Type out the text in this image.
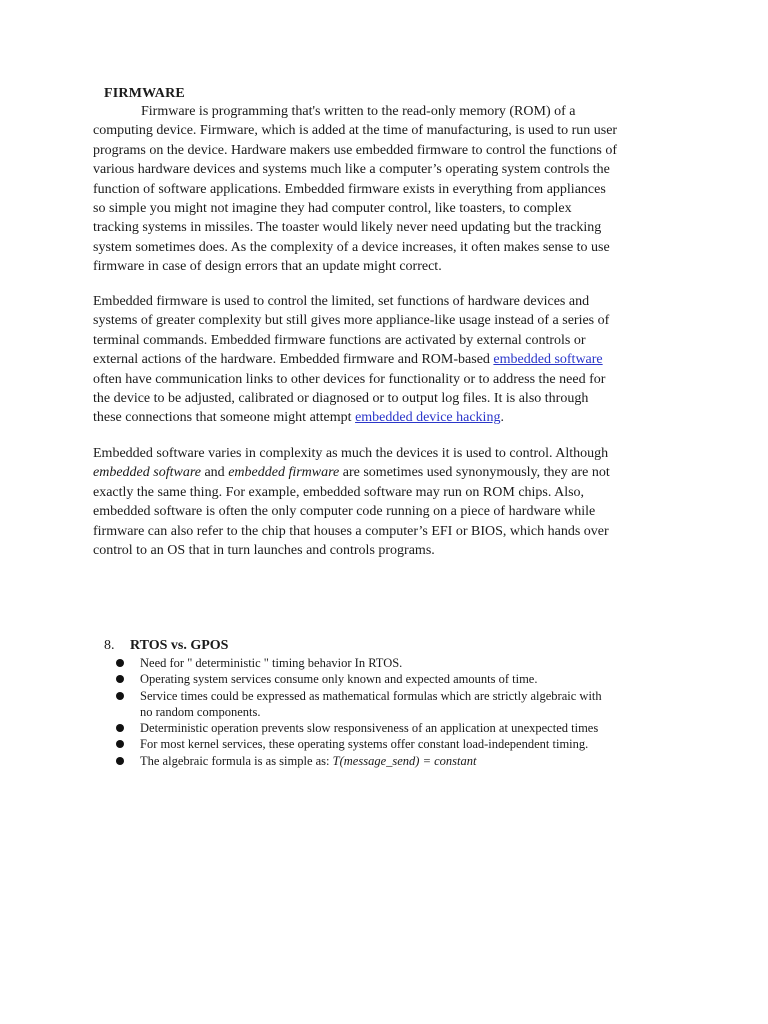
FIRMWARE

Firmware is programming that's written to the read-only memory (ROM) of a
computing device. Firmware, which is added at the time of manufacturing, is used to run user
programs on the device. Hardware makers use embedded firmware to control the functions of
various hardware devices and systems much like a computer’s operating system controls the
function of software applications. Embedded firmware exists in everything from appliances
so simple you might not imagine they had computer control, like toasters, to complex
tracking systems in missiles. The toaster would likely never need updating but the tracking
system sometimes does. As the complexity of a device increases, it often makes sense to use
firmware in case of design errors that an update might correct.

Embedded firmware is used to control the limited, set functions of hardware devices and
systems of greater complexity but still gives more appliance-like usage instead of a series of
terminal commands. Embedded firmware functions are activated by external controls or
external actions of the hardware. Embedded firmware and ROM-based embedded software
often have communication links to other devices for functionality or to address the need for
the device to be adjusted, calibrated or diagnosed or to output log files. It is also through
these connections that someone might attempt embedded device hacking.

Embedded software varies in complexity as much the devices it is used to control. Although
embedded software and embedded firmware are sometimes used synonymously, they are not
exactly the same thing. For example, embedded software may run on ROM chips. Also,
embedded software is often the only computer code running on a piece of hardware while
firmware can also refer to the chip that houses a computer’s EFI or BIOS, which hands over
control to an OS that in turn launches and controls programs.

8. RTOS vs. GPOS
Need for " deterministic " timing behavior In RTOS.
Operating system services consume only known and expected amounts of time.
Service times could be expressed as mathematical formulas which are strictly algebraic with
no random components.
Deterministic operation prevents slow responsiveness of an application at unexpected times
For most kernel services, these operating systems offer constant load-independent timing.
The algebraic formula is as simple as: T(message_send) = constant
